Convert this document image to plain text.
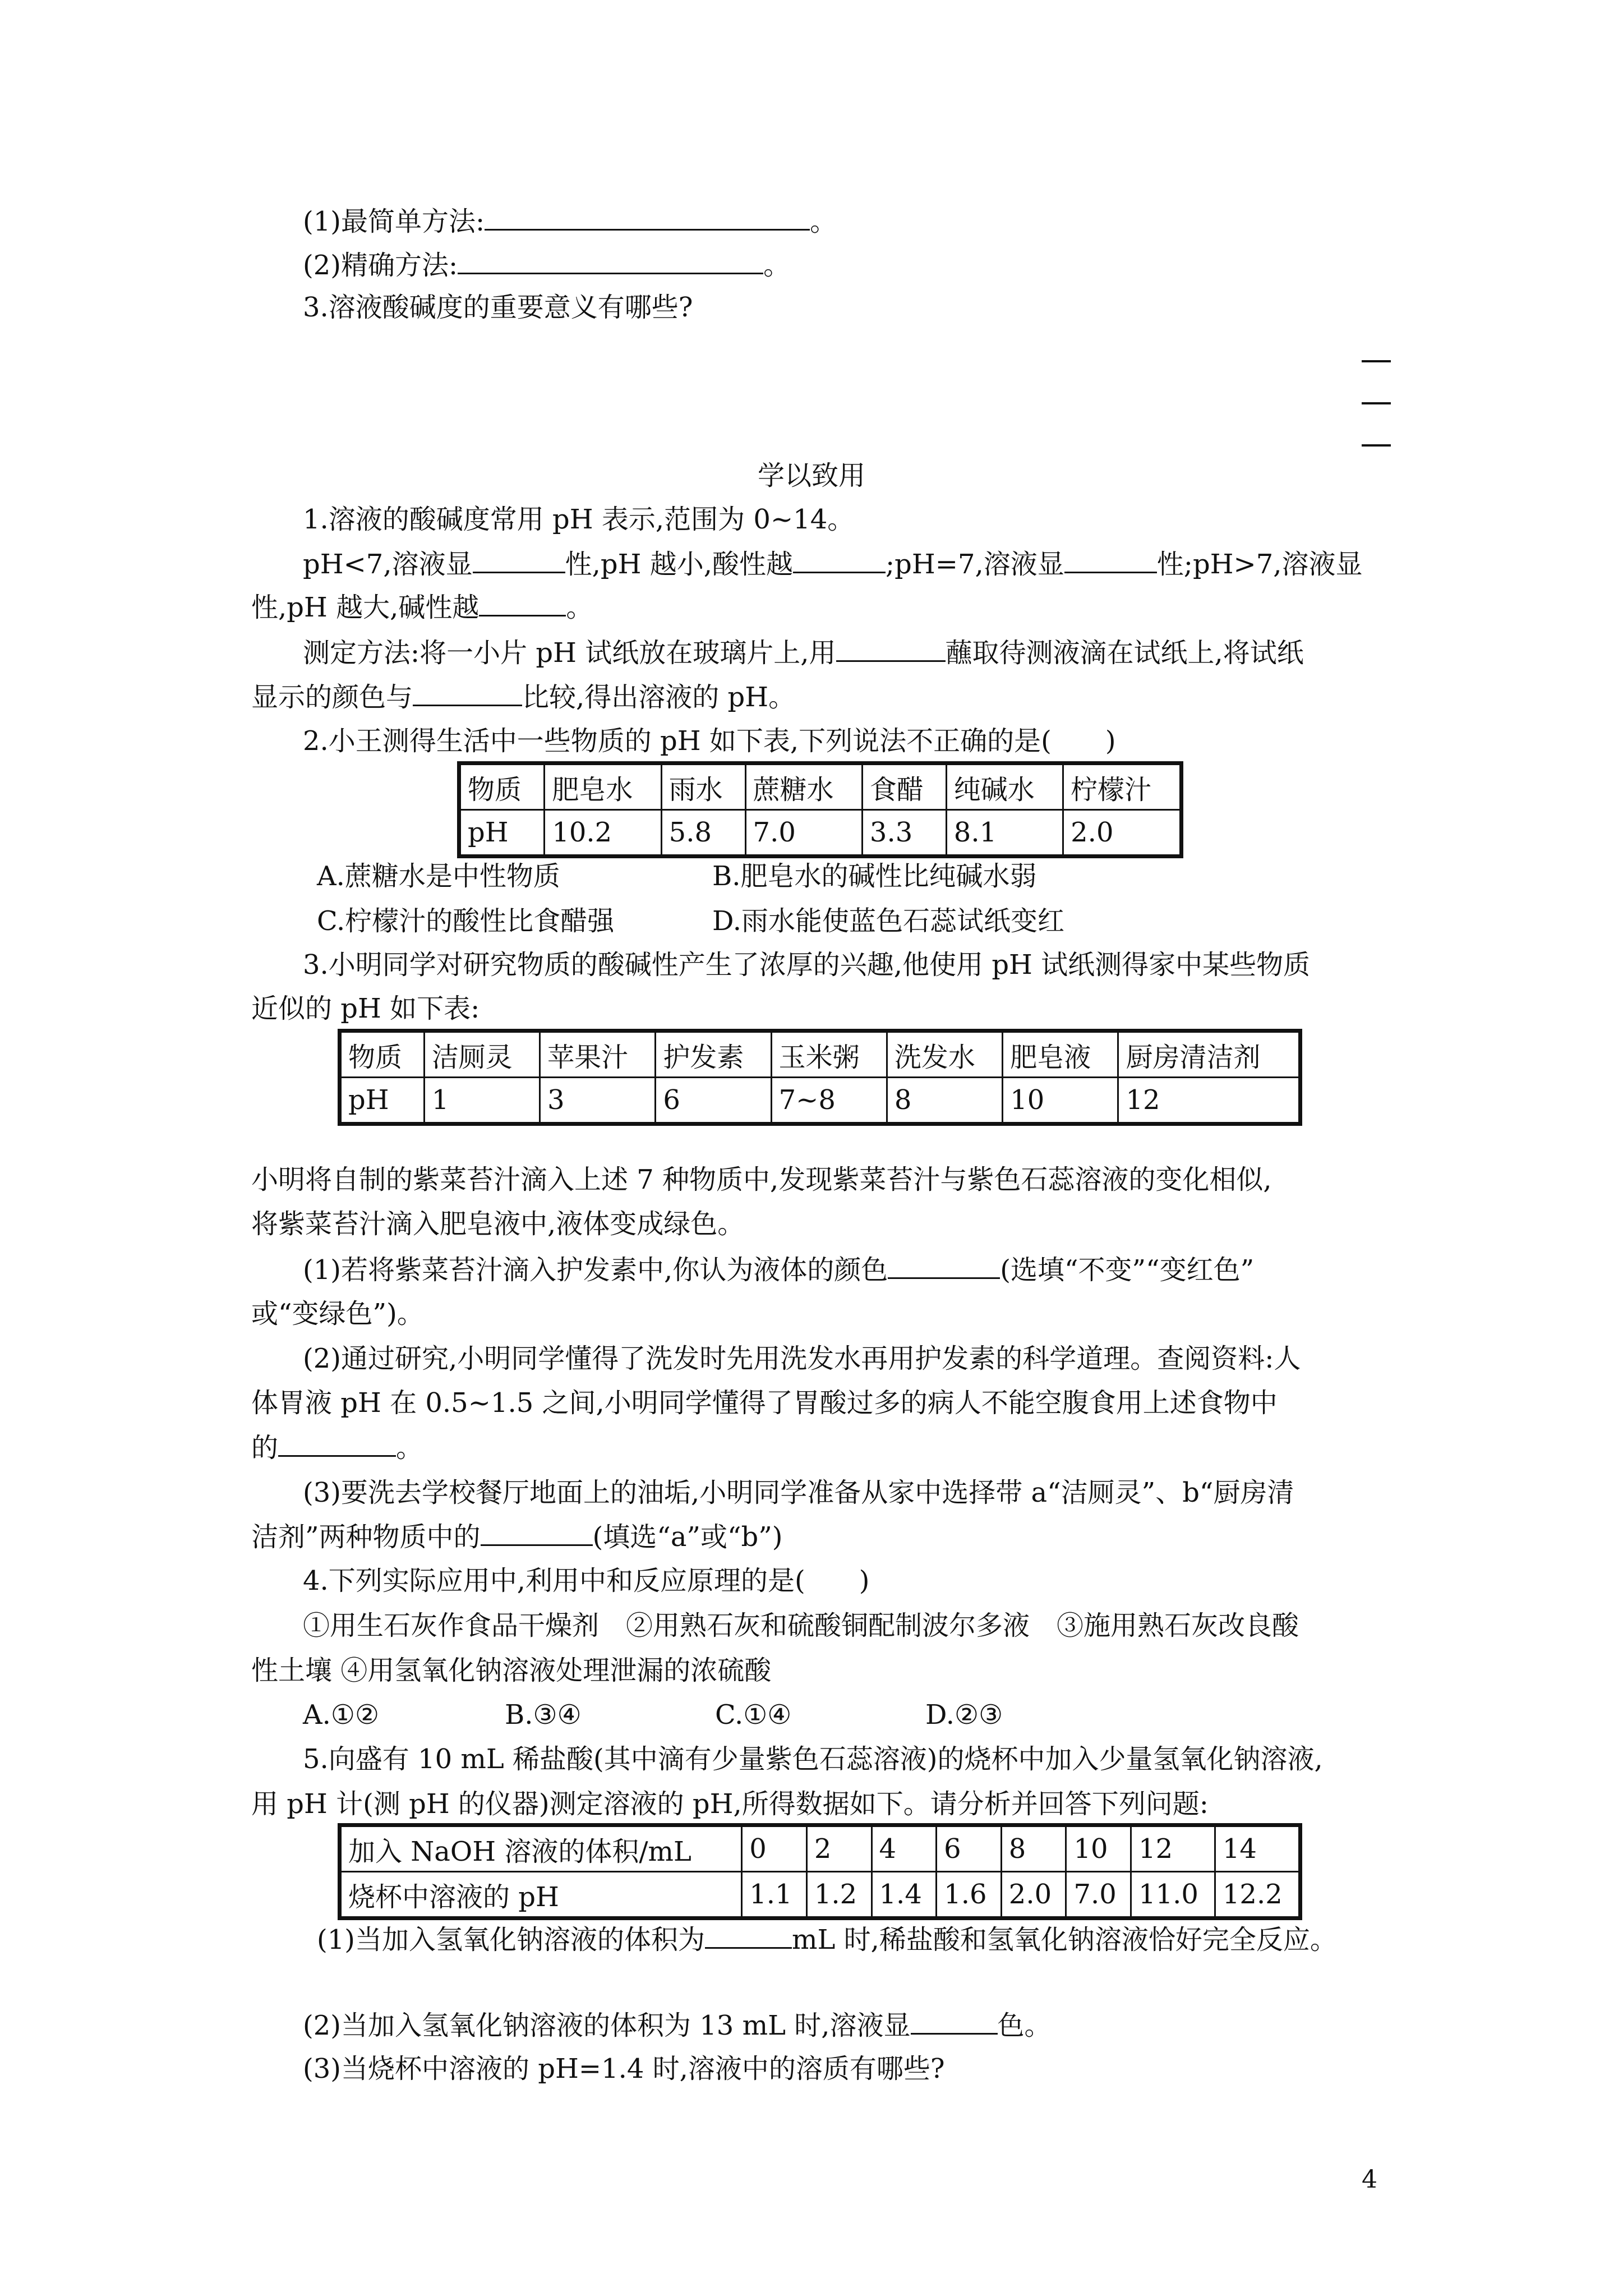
(1)最简单方法:	。
(2)精确方法:	。
3.溶液酸碱度的重要意义有哪些?
学以致用
1.溶液的酸碱度常用 pH 表示,范围为 0~14。
pH<7,溶液显	性,pH 越小,酸性越	;pH=7,溶液显	性;pH>7,溶液显
性,pH 越大,碱性越	。
测定方法:将一小片 pH 试纸放在玻璃片上,用	蘸取待测液滴在试纸上,将试纸
显示的颜色与	比较,得出溶液的 pH。
2.小王测得生活中一些物质的 pH 如下表,下列说法不正确的是(　　)
物质	肥皂水	雨水	蔗糖水	食醋	纯碱水	柠檬汁
pH	10.2	5.8	7.0	3.3	8.1	2.0
A.蔗糖水是中性物质	B.肥皂水的碱性比纯碱水弱
C.柠檬汁的酸性比食醋强	D.雨水能使蓝色石蕊试纸变红
3.小明同学对研究物质的酸碱性产生了浓厚的兴趣,他使用 pH 试纸测得家中某些物质
近似的 pH 如下表:
物质	洁厕灵	苹果汁	护发素	玉米粥	洗发水	肥皂液	厨房清洁剂
pH	1	3	6	7~8	8	10	12
小明将自制的紫菜苔汁滴入上述 7 种物质中,发现紫菜苔汁与紫色石蕊溶液的变化相似,
将紫菜苔汁滴入肥皂液中,液体变成绿色。
(1)若将紫菜苔汁滴入护发素中,你认为液体的颜色	(选填“不变”“变红色”
或“变绿色”)。
(2)通过研究,小明同学懂得了洗发时先用洗发水再用护发素的科学道理。查阅资料:人
体胃液 pH 在 0.5~1.5 之间,小明同学懂得了胃酸过多的病人不能空腹食用上述食物中
的	。
(3)要洗去学校餐厅地面上的油垢,小明同学准备从家中选择带 a“洁厕灵”、b“厨房清
洁剂”两种物质中的	(填选“a”或“b”)
4.下列实际应用中,利用中和反应原理的是(　　)
①用生石灰作食品干燥剂　②用熟石灰和硫酸铜配制波尔多液　③施用熟石灰改良酸
性土壤 ④用氢氧化钠溶液处理泄漏的浓硫酸
A.①②	B.③④	C.①④	D.②③
5.向盛有 10 mL 稀盐酸(其中滴有少量紫色石蕊溶液)的烧杯中加入少量氢氧化钠溶液,
用 pH 计(测 pH 的仪器)测定溶液的 pH,所得数据如下。请分析并回答下列问题:
加入 NaOH 溶液的体积/mL	0	2	4	6	8	10	12	14
烧杯中溶液的 pH	1.1	1.2	1.4	1.6	2.0	7.0	11.0	12.2
(1)当加入氢氧化钠溶液的体积为	mL 时,稀盐酸和氢氧化钠溶液恰好完全反应。
(2)当加入氢氧化钠溶液的体积为 13 mL 时,溶液显	色。
(3)当烧杯中溶液的 pH=1.4 时,溶液中的溶质有哪些?
4
